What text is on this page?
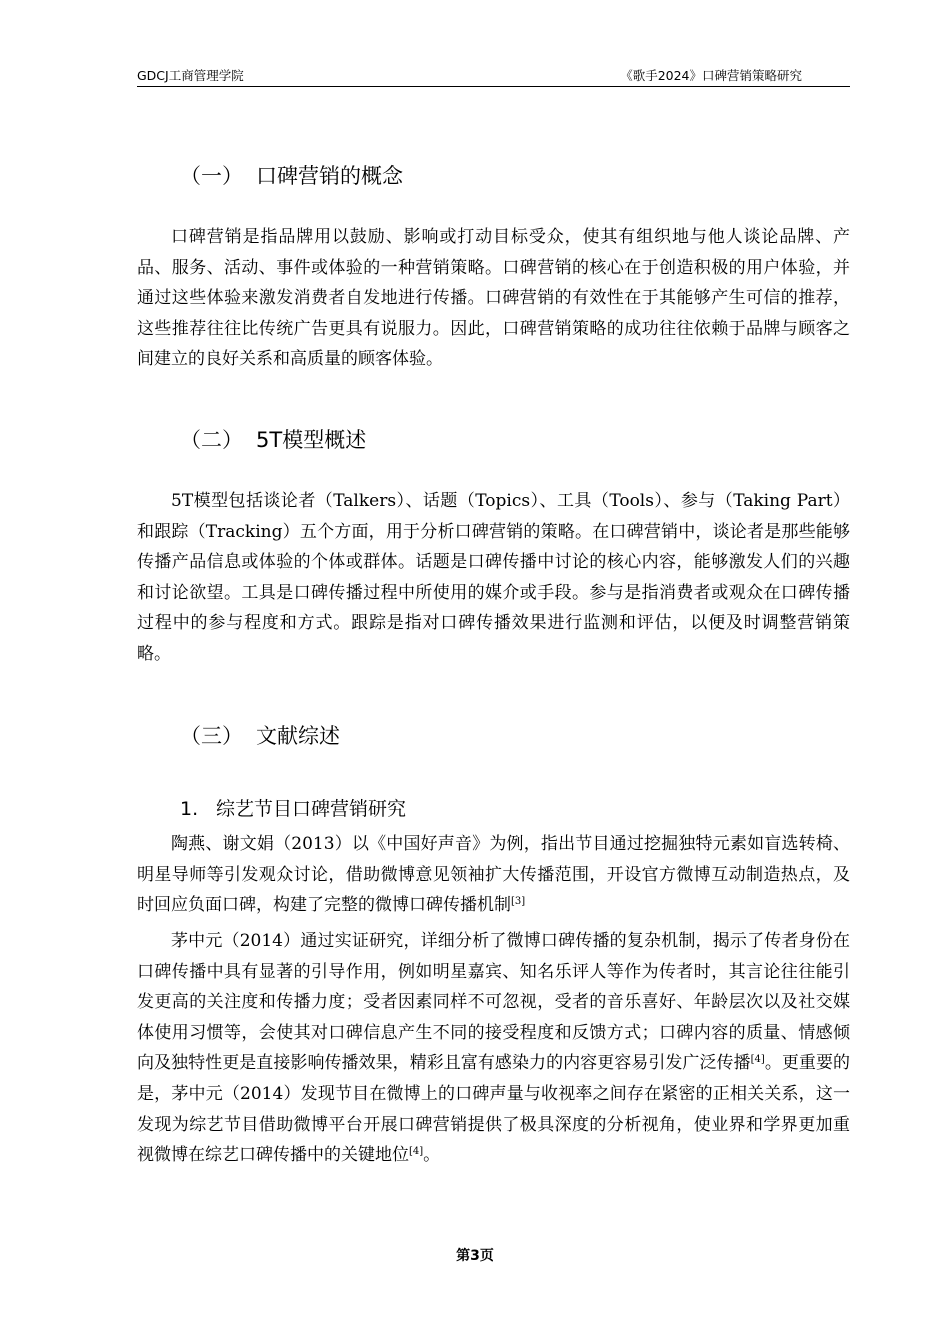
GDCJ工商管理学院	《歌手2024》口碑营销策略研究
（一） 口碑营销的概念

口碑营销是指品牌用以鼓励、影响或打动目标受众，使其有组织地与他人谈论品牌、产品、服务、活动、事件或体验的一种营销策略。口碑营销的核心在于创造积极的用户体验，并通过这些体验来激发消费者自发地进行传播。口碑营销的有效性在于其能够产生可信的推荐，这些推荐往往比传统广告更具有说服力。因此，口碑营销策略的成功往往依赖于品牌与顾客之间建立的良好关系和高质量的顾客体验。

（二） 5T模型概述

5T模型包括谈论者（Talkers）、话题（Topics）、工具（Tools）、参与（Taking Part）和跟踪（Tracking）五个方面，用于分析口碑营销的策略。在口碑营销中，谈论者是那些能够传播产品信息或体验的个体或群体。话题是口碑传播中讨论的核心内容，能够激发人们的兴趣和讨论欲望。工具是口碑传播过程中所使用的媒介或手段。参与是指消费者或观众在口碑传播过程中的参与程度和方式。跟踪是指对口碑传播效果进行监测和评估，以便及时调整营销策略。

（三） 文献综述
1. 综艺节目口碑营销研究

陶燕、谢文娟（2013）以《中国好声音》为例，指出节目通过挖掘独特元素如盲选转椅、明星导师等引发观众讨论，借助微博意见领袖扩大传播范围，开设官方微博互动制造热点，及时回应负面口碑，构建了完整的微博口碑传播机制[3]

茅中元（2014）通过实证研究，详细分析了微博口碑传播的复杂机制，揭示了传者身份在口碑传播中具有显著的引导作用，例如明星嘉宾、知名乐评人等作为传者时，其言论往往能引发更高的关注度和传播力度；受者因素同样不可忽视，受者的音乐喜好、年龄层次以及社交媒体使用习惯等，会使其对口碑信息产生不同的接受程度和反馈方式；口碑内容的质量、情感倾向及独特性更是直接影响传播效果，精彩且富有感染力的内容更容易引发广泛传播[4]。更重要的是，茅中元（2014）发现节目在微博上的口碑声量与收视率之间存在紧密的正相关关系，这一发现为综艺节目借助微博平台开展口碑营销提供了极具深度的分析视角，使业界和学界更加重视微博在综艺口碑传播中的关键地位[4]。

第3页
